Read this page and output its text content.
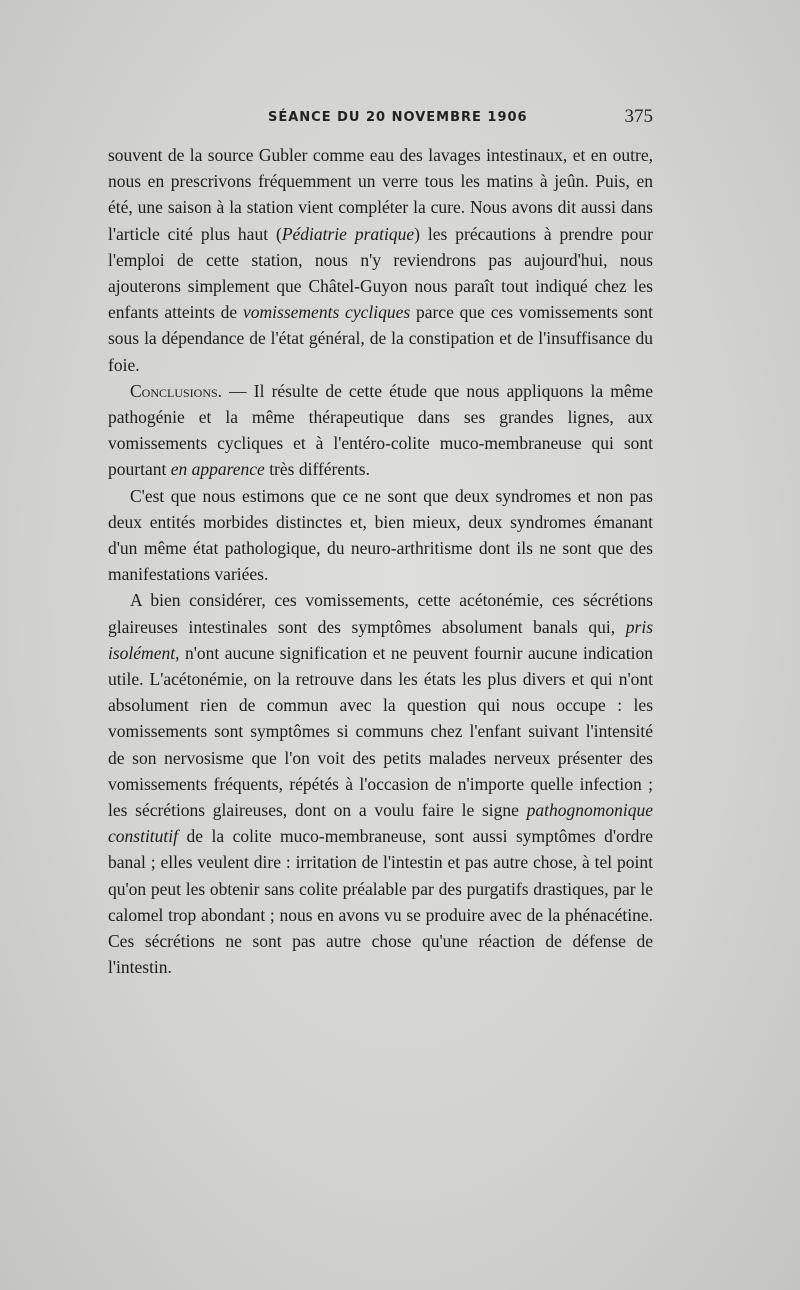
SÉANCE DU 20 NOVEMBRE 1906	375

souvent de la source Gubler comme eau des lavages intestinaux, et en outre, nous en prescrivons fréquemment un verre tous les matins à jeûn. Puis, en été, une saison à la station vient compléter la cure. Nous avons dit aussi dans l'article cité plus haut (Pédiatrie pratique) les précautions à prendre pour l'emploi de cette station, nous n'y reviendrons pas aujourd'hui, nous ajouterons simplement que Châtel-Guyon nous paraît tout indiqué chez les enfants atteints de vomissements cycliques parce que ces vomissements sont sous la dépendance de l'état général, de la constipation et de l'insuffisance du foie.

Conclusions. — Il résulte de cette étude que nous appliquons la même pathogénie et la même thérapeutique dans ses grandes lignes, aux vomissements cycliques et à l'entéro-colite muco-membraneuse qui sont pourtant en apparence très différents.

C'est que nous estimons que ce ne sont que deux syndromes et non pas deux entités morbides distinctes et, bien mieux, deux syndromes émanant d'un même état pathologique, du neuro-arthritisme dont ils ne sont que des manifestations variées.

A bien considérer, ces vomissements, cette acétonémie, ces sécrétions glaireuses intestinales sont des symptômes absolument banals qui, pris isolément, n'ont aucune signification et ne peuvent fournir aucune indication utile. L'acétonémie, on la retrouve dans les états les plus divers et qui n'ont absolument rien de commun avec la question qui nous occupe : les vomissements sont symptômes si communs chez l'enfant suivant l'intensité de son nervosisme que l'on voit des petits malades nerveux présenter des vomissements fréquents, répétés à l'occasion de n'importe quelle infection ; les sécrétions glaireuses, dont on a voulu faire le signe pathognomonique constitutif de la colite muco-membraneuse, sont aussi symptômes d'ordre banal ; elles veulent dire : irritation de l'intestin et pas autre chose, à tel point qu'on peut les obtenir sans colite préalable par des purgatifs drastiques, par le calomel trop abondant ; nous en avons vu se produire avec de la phénacétine. Ces sécrétions ne sont pas autre chose qu'une réaction de défense de l'intestin.
